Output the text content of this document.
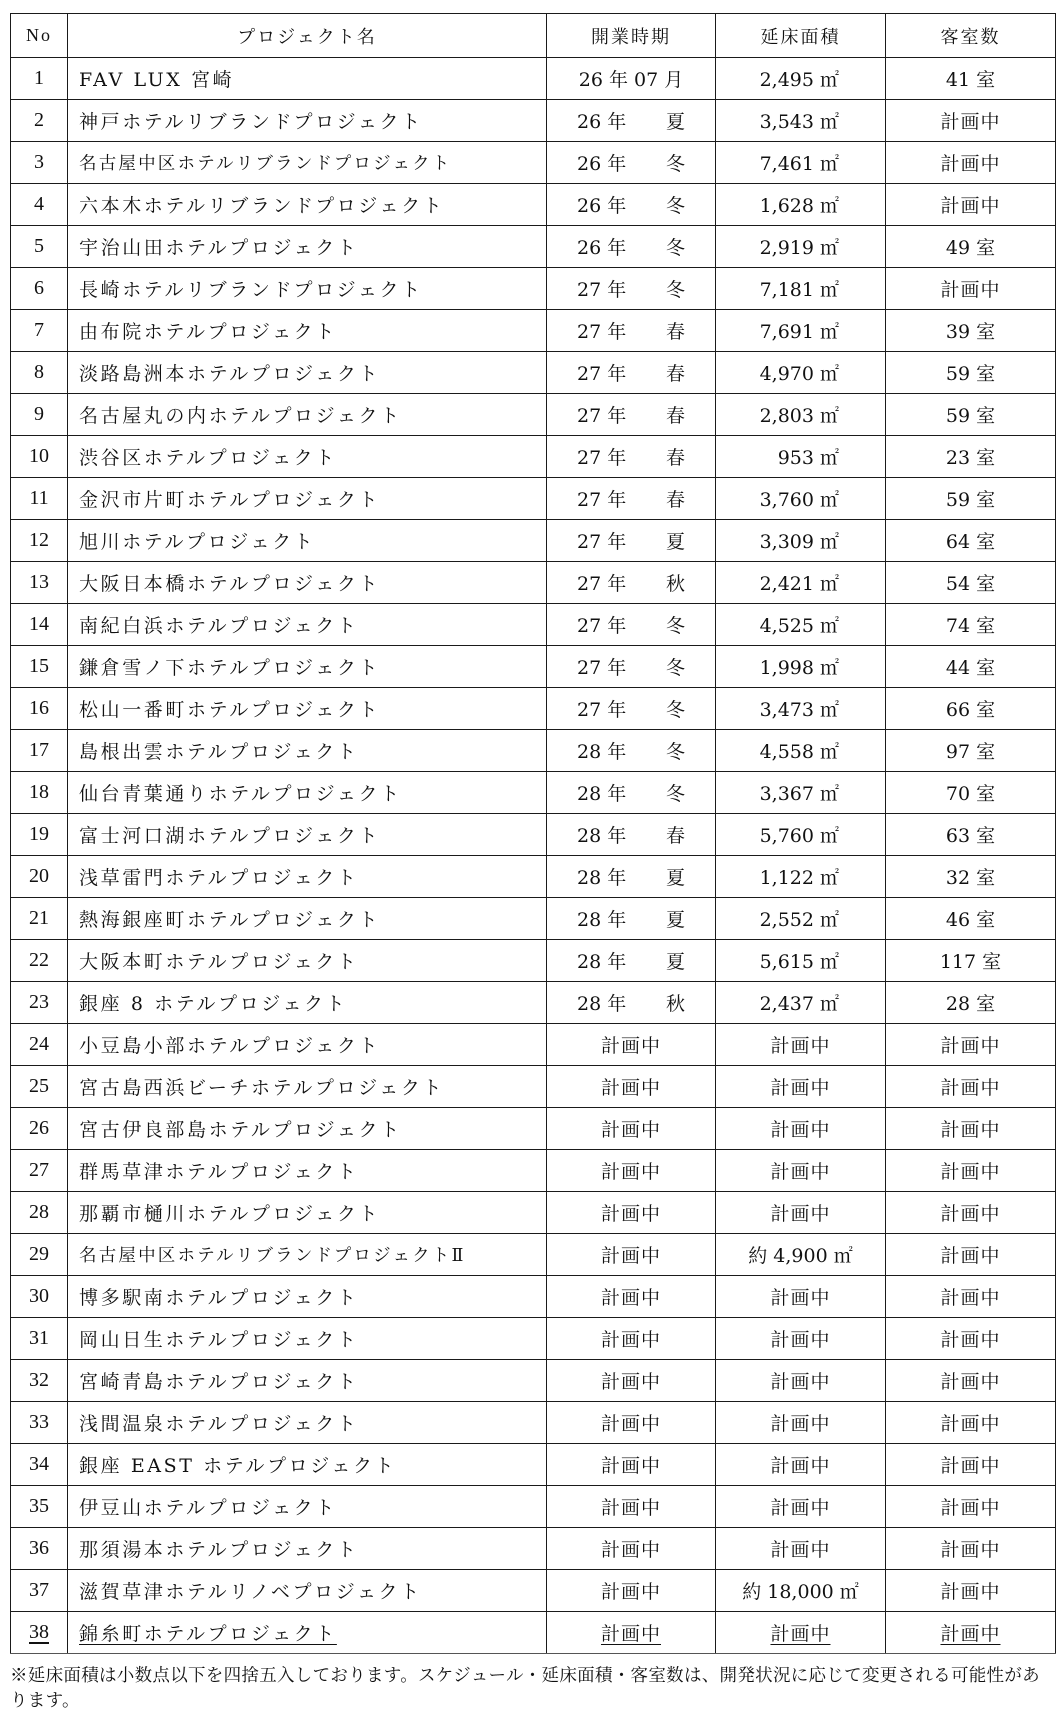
No	プロジェクト名	開業時期	延床面積	客室数
1	FAV LUX 宮崎	26 年 07 月	2,495 ㎡	41 室
2	神戸ホテルリブランドプロジェクト	26 年 夏	3,543 ㎡	計画中
3	名古屋中区ホテルリブランドプロジェクト	26 年 冬	7,461 ㎡	計画中
4	六本木ホテルリブランドプロジェクト	26 年 冬	1,628 ㎡	計画中
5	宇治山田ホテルプロジェクト	26 年 冬	2,919 ㎡	49 室
6	長崎ホテルリブランドプロジェクト	27 年 冬	7,181 ㎡	計画中
7	由布院ホテルプロジェクト	27 年 春	7,691 ㎡	39 室
8	淡路島洲本ホテルプロジェクト	27 年 春	4,970 ㎡	59 室
9	名古屋丸の内ホテルプロジェクト	27 年 春	2,803 ㎡	59 室
10	渋谷区ホテルプロジェクト	27 年 春	953 ㎡	23 室
11	金沢市片町ホテルプロジェクト	27 年 春	3,760 ㎡	59 室
12	旭川ホテルプロジェクト	27 年 夏	3,309 ㎡	64 室
13	大阪日本橋ホテルプロジェクト	27 年 秋	2,421 ㎡	54 室
14	南紀白浜ホテルプロジェクト	27 年 冬	4,525 ㎡	74 室
15	鎌倉雪ノ下ホテルプロジェクト	27 年 冬	1,998 ㎡	44 室
16	松山一番町ホテルプロジェクト	27 年 冬	3,473 ㎡	66 室
17	島根出雲ホテルプロジェクト	28 年 冬	4,558 ㎡	97 室
18	仙台青葉通りホテルプロジェクト	28 年 冬	3,367 ㎡	70 室
19	富士河口湖ホテルプロジェクト	28 年 春	5,760 ㎡	63 室
20	浅草雷門ホテルプロジェクト	28 年 夏	1,122 ㎡	32 室
21	熱海銀座町ホテルプロジェクト	28 年 夏	2,552 ㎡	46 室
22	大阪本町ホテルプロジェクト	28 年 夏	5,615 ㎡	117 室
23	銀座 8 ホテルプロジェクト	28 年 秋	2,437 ㎡	28 室
24	小豆島小部ホテルプロジェクト	計画中	計画中	計画中
25	宮古島西浜ビーチホテルプロジェクト	計画中	計画中	計画中
26	宮古伊良部島ホテルプロジェクト	計画中	計画中	計画中
27	群馬草津ホテルプロジェクト	計画中	計画中	計画中
28	那覇市樋川ホテルプロジェクト	計画中	計画中	計画中
29	名古屋中区ホテルリブランドプロジェクトⅡ	計画中	約 4,900 ㎡	計画中
30	博多駅南ホテルプロジェクト	計画中	計画中	計画中
31	岡山日生ホテルプロジェクト	計画中	計画中	計画中
32	宮崎青島ホテルプロジェクト	計画中	計画中	計画中
33	浅間温泉ホテルプロジェクト	計画中	計画中	計画中
34	銀座 EAST ホテルプロジェクト	計画中	計画中	計画中
35	伊豆山ホテルプロジェクト	計画中	計画中	計画中
36	那須湯本ホテルプロジェクト	計画中	計画中	計画中
37	滋賀草津ホテルリノベプロジェクト	計画中	約 18,000 ㎡	計画中
38	錦糸町ホテルプロジェクト	計画中	計画中	計画中
※延床面積は小数点以下を四捨五入しております。スケジュール・延床面積・客室数は、開発状況に応じて変更される可能性があります。
